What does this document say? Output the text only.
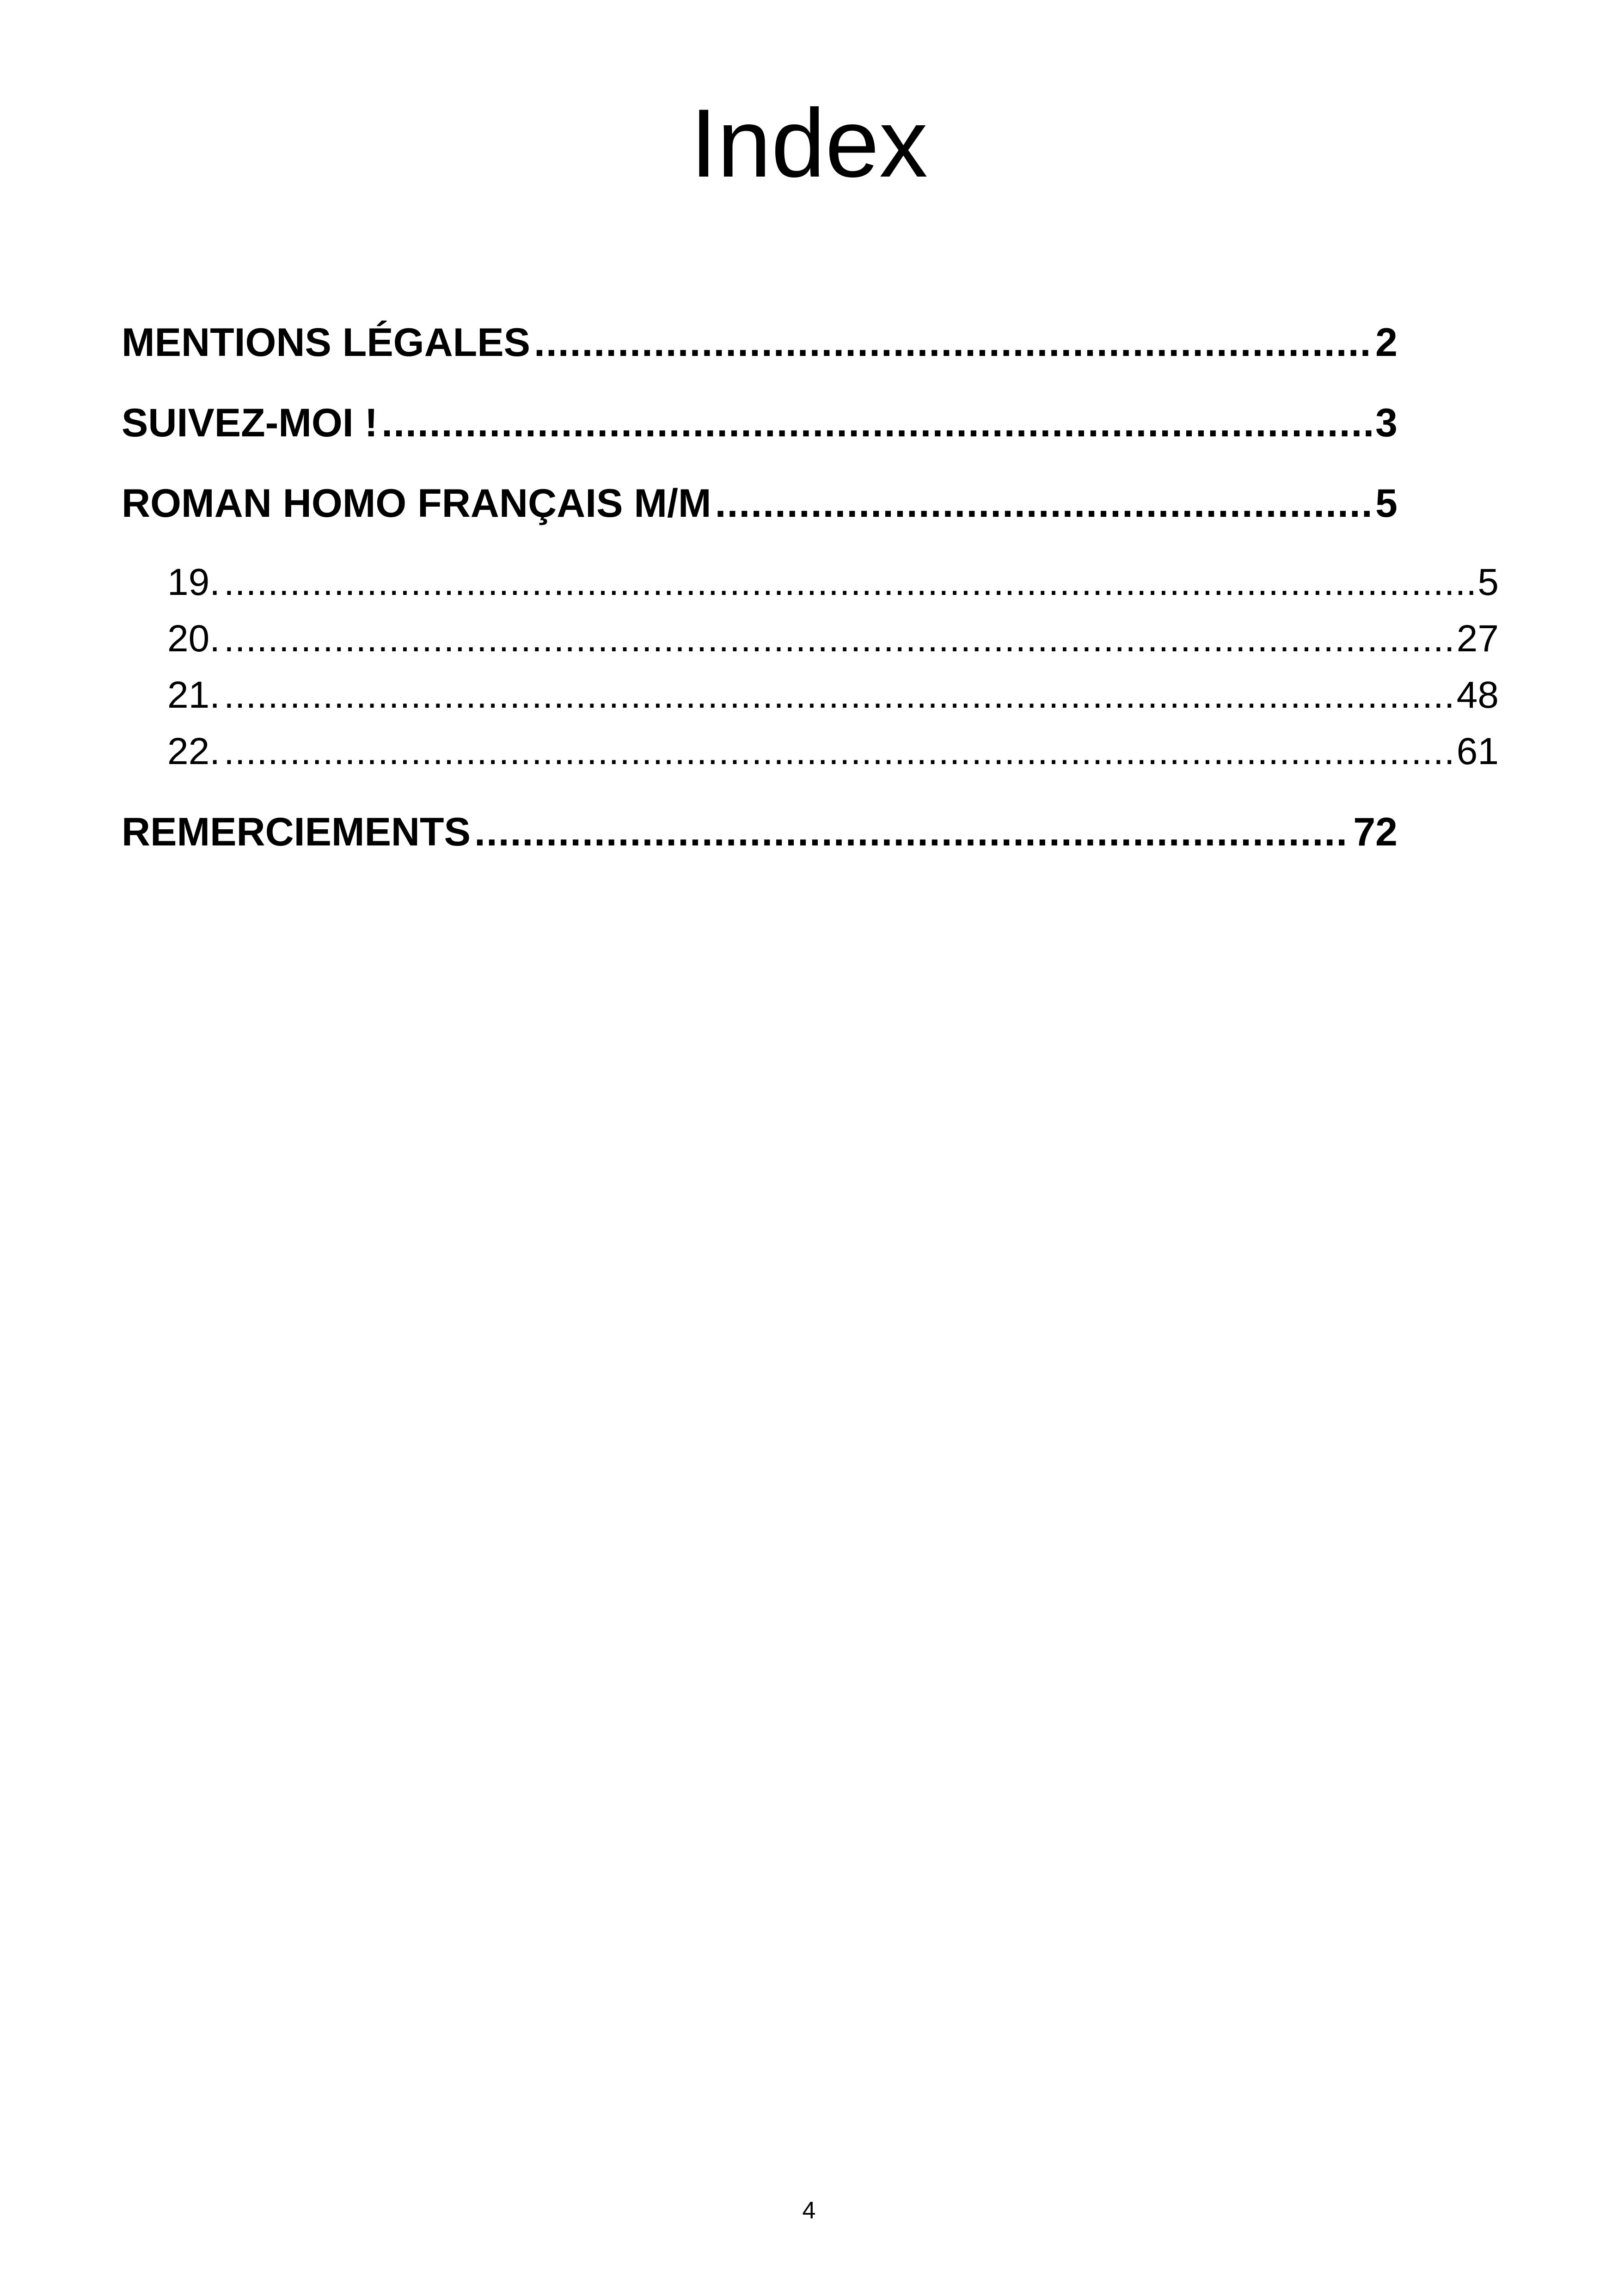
Index
MENTIONS LÉGALES .....	2
SUIVEZ-MOI ! .....	3
ROMAN HOMO FRANÇAIS M/M .....	5
19. .....	5
20. .....	27
21. .....	48
22. .....	61
REMERCIEMENTS .....	72
4
